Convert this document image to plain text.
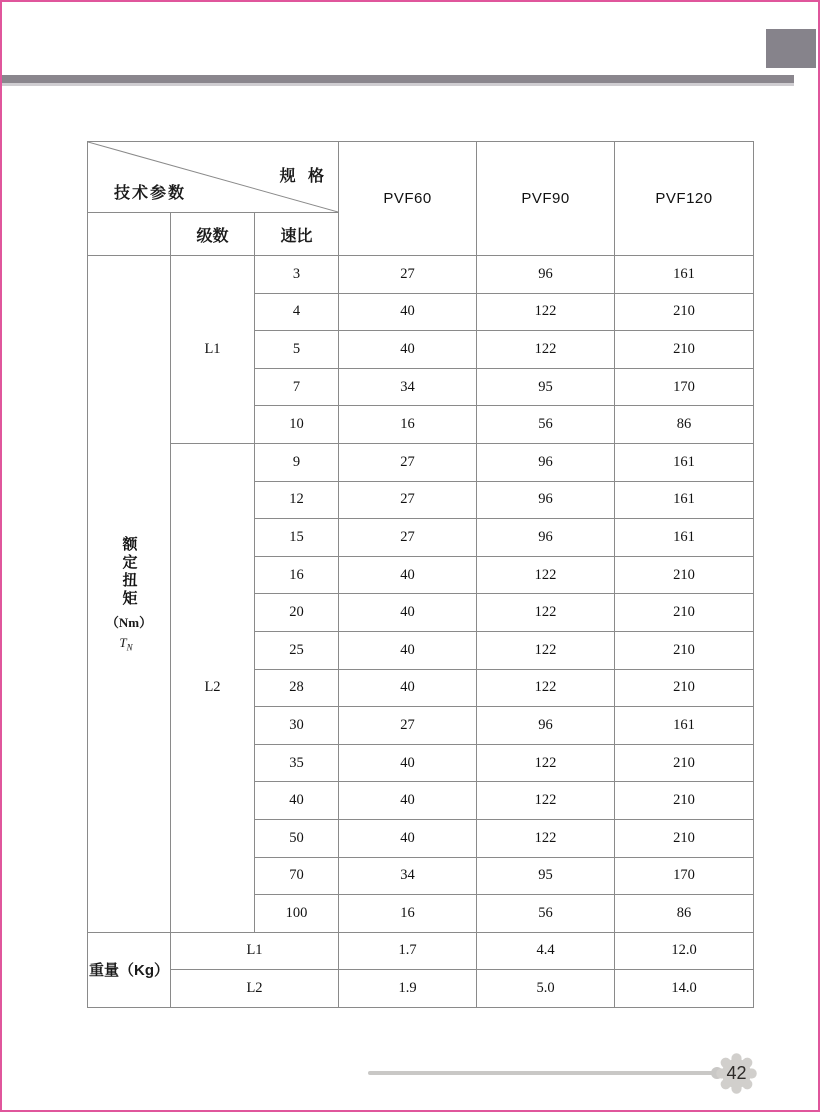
技术参数
规 格			PVF60	PVF90	PVF120
	级数	速比			

额定扭矩
（Nm）
$T_N$	L1	3	27	96	161
		4	40	122	210
		5	40	122	210
		7	34	95	170
		10	16	56	86
	L2	9	27	96	161
		12	27	96	161
		15	27	96	161
		16	40	122	210
		20	40	122	210
		25	40	122	210
		28	40	122	210
		30	27	96	161
		35	40	122	210
		40	40	122	210
		50	40	122	210
		70	34	95	170
		100	16	56	86
重量（Kg）	L1		1.7	4.4	12.0
	L2		1.9	5.0	14.0
42
